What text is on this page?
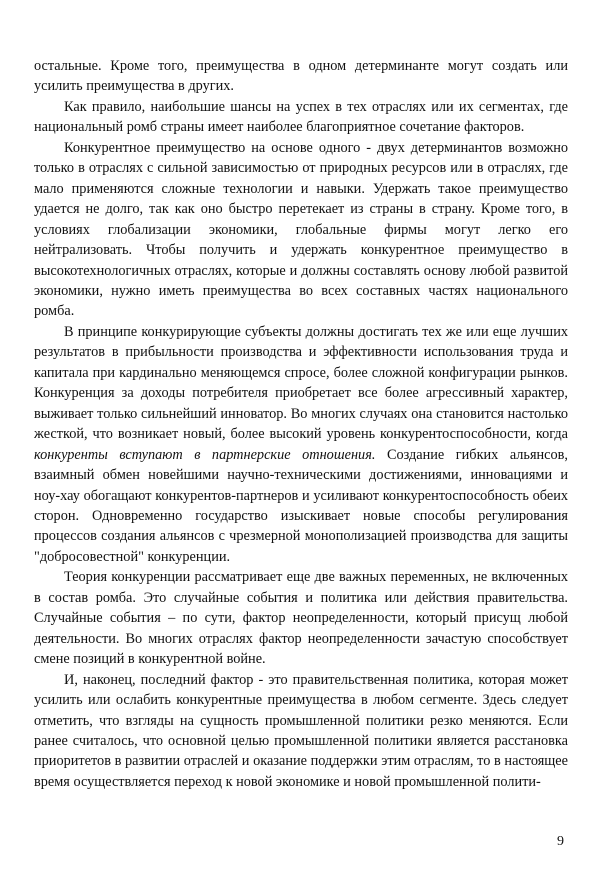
остальные. Кроме того, преимущества в одном детерминанте могут создать или усилить преимущества в других.

Как правило, наибольшие шансы на успех в тех отраслях или их сегментах, где национальный ромб страны имеет наиболее благоприятное сочетание факторов.

Конкурентное преимущество на основе одного - двух детерминантов возможно только в отраслях с сильной зависимостью от природных ресурсов или в отраслях, где мало применяются сложные технологии и навыки. Удержать такое преимущество удается не долго, так как оно быстро перетекает из страны в страну. Кроме того, в условиях глобализации экономики, глобальные фирмы могут легко его нейтрализовать. Чтобы получить и удержать конкурентное преимущество в высокотехнологичных отраслях, которые и должны составлять основу любой развитой экономики, нужно иметь преимущества во всех составных частях национального ромба.

В принципе конкурирующие субъекты должны достигать тех же или еще лучших результатов в прибыльности производства и эффективности использования труда и капитала при кардинально меняющемся спросе, более сложной конфигурации рынков. Конкуренция за доходы потребителя приобретает все более агрессивный характер, выживает только сильнейший инноватор. Во многих случаях она становится настолько жесткой, что возникает новый, более высокий уровень конкурентоспособности, когда конкуренты вступают в партнерские отношения. Создание гибких альянсов, взаимный обмен новейшими научно-техническими достижениями, инновациями и ноу-хау обогащают конкурентов-партнеров и усиливают конкурентоспособность обеих сторон. Одновременно государство изыскивает новые способы регулирования процессов создания альянсов с чрезмерной монополизацией производства для защиты "добросовестной" конкуренции.

Теория конкуренции рассматривает еще две важных переменных, не включенных в состав ромба. Это случайные события и политика или действия правительства. Случайные события – по сути, фактор неопределенности, который присущ любой деятельности. Во многих отраслях фактор неопределенности зачастую способствует смене позиций в конкурентной войне.

И, наконец, последний фактор - это правительственная политика, которая может усилить или ослабить конкурентные преимущества в любом сегменте. Здесь следует отметить, что взгляды на сущность промышленной политики резко меняются. Если ранее считалось, что основной целью промышленной политики является расстановка приоритетов в развитии отраслей и оказание поддержки этим отраслям, то в настоящее время осуществляется переход к новой экономике и новой промышленной полити-

9
